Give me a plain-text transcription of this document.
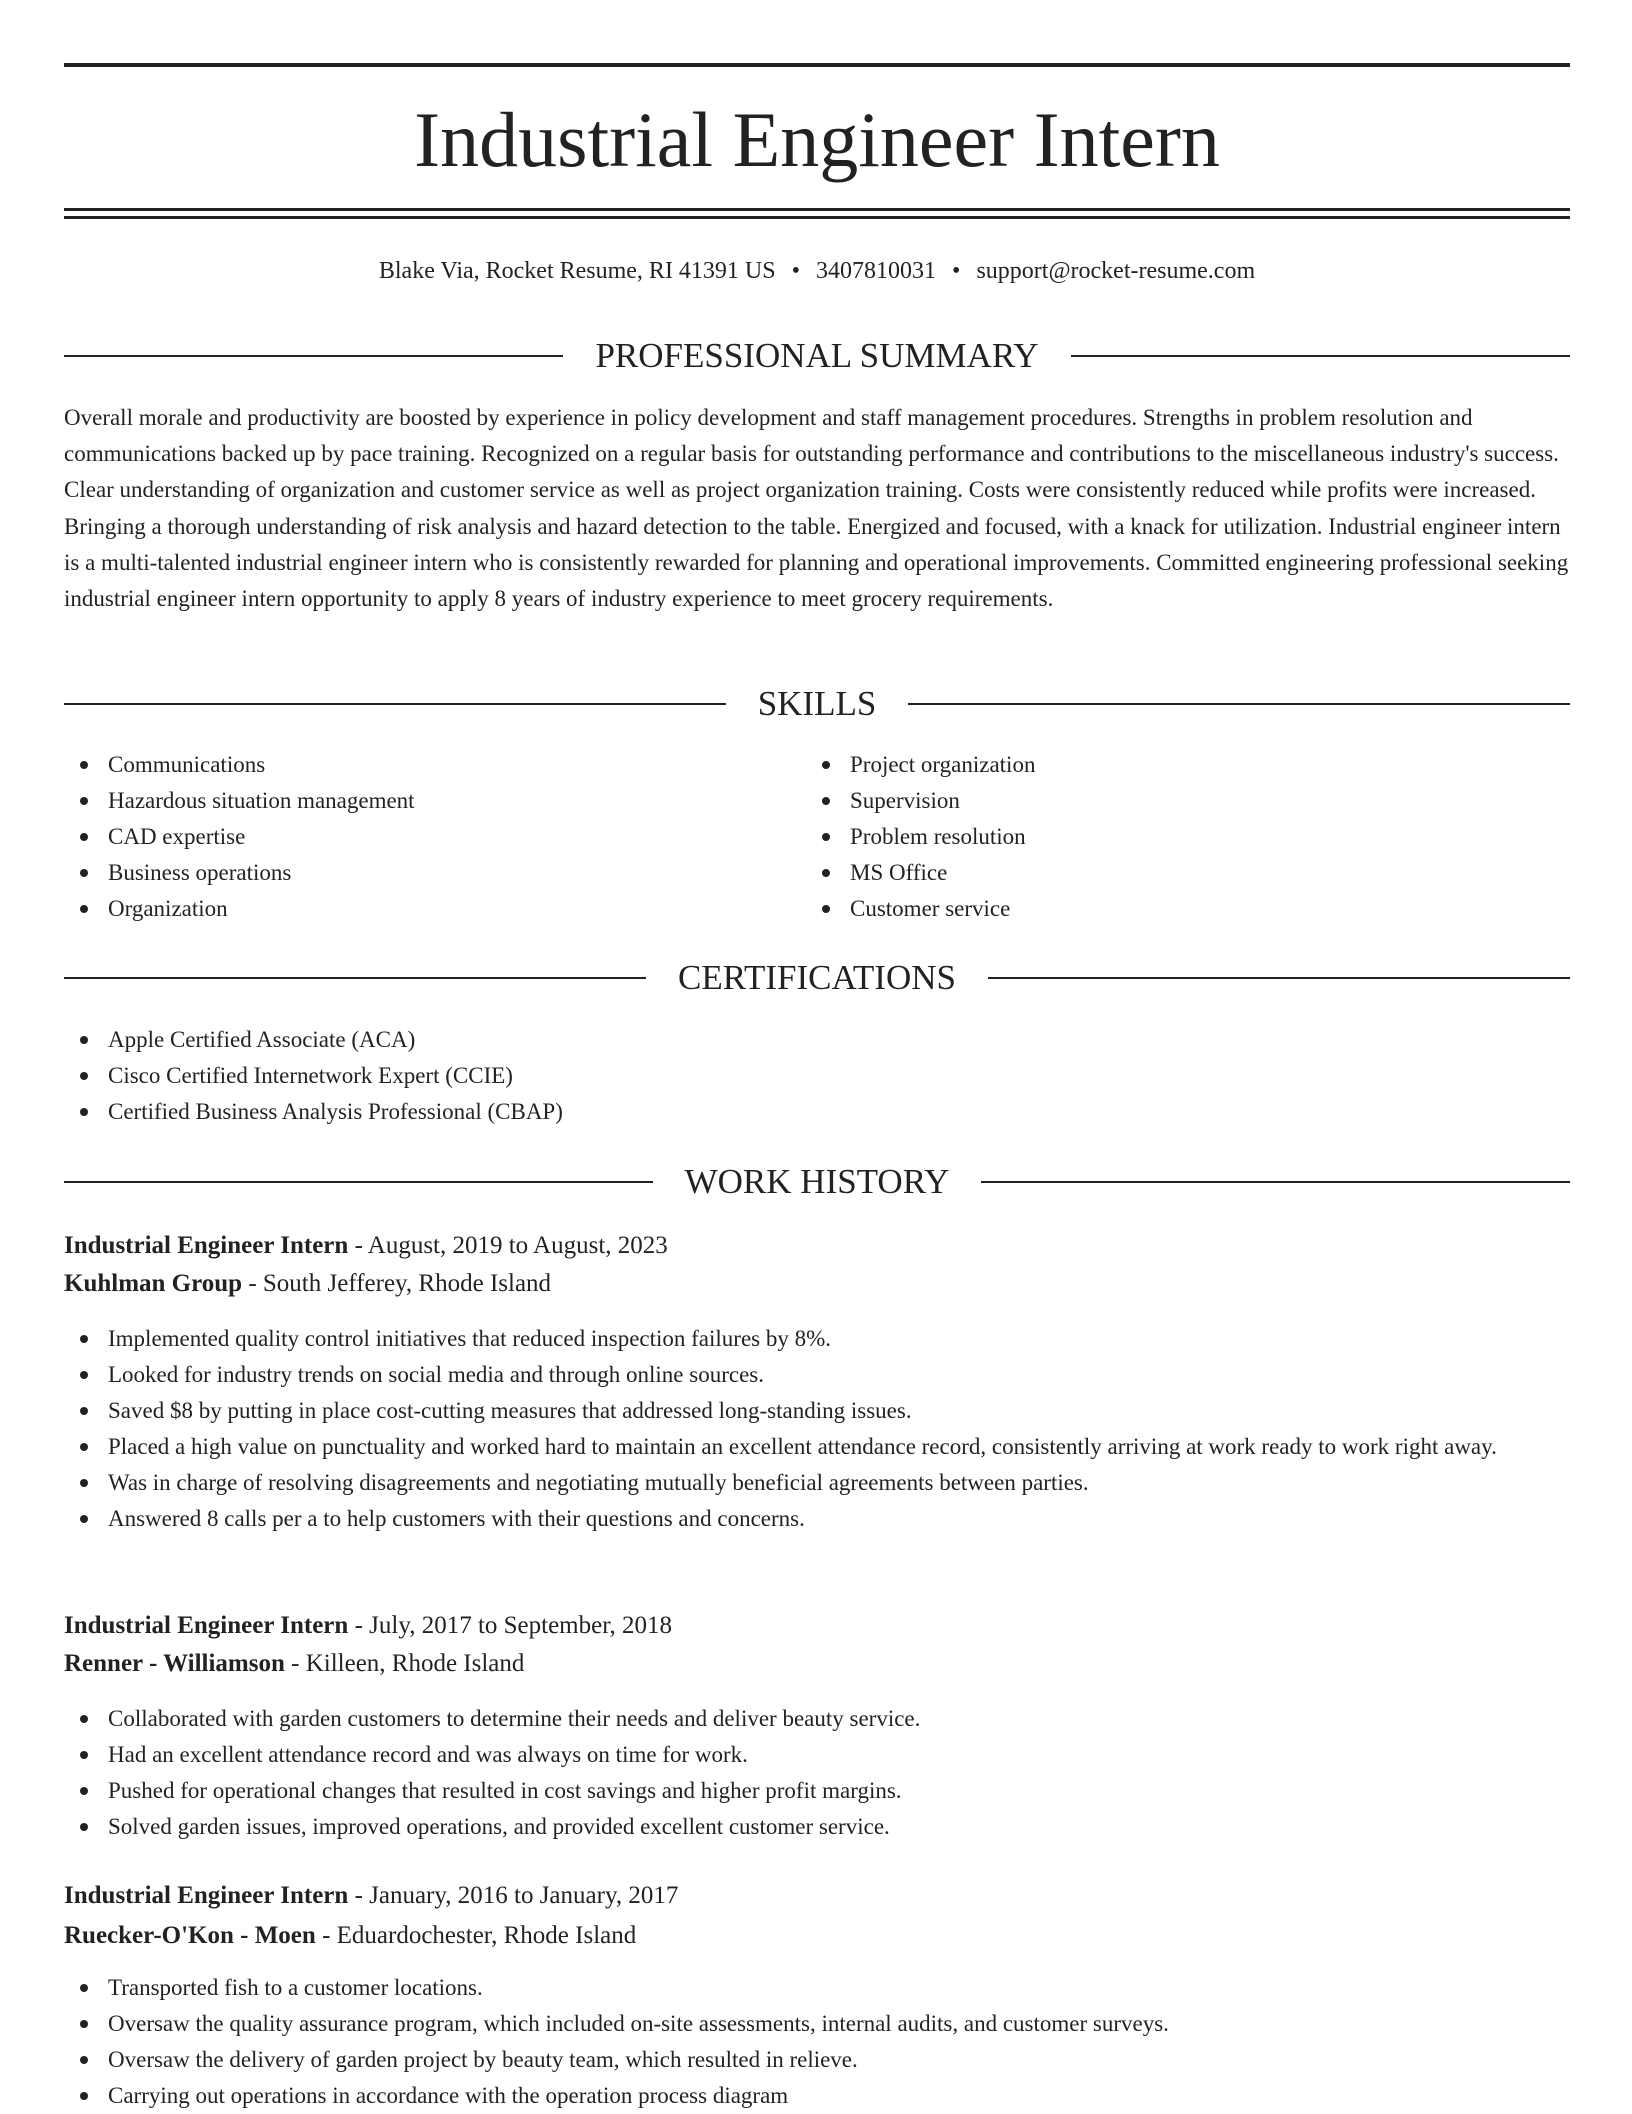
Industrial Engineer Intern
Blake Via, Rocket Resume, RI 41391 US • 3407810031 • support@rocket-resume.com
PROFESSIONAL SUMMARY

Overall morale and productivity are boosted by experience in policy development and staff management procedures. Strengths in problem resolution and communications backed up by pace training. Recognized on a regular basis for outstanding performance and contributions to the miscellaneous industry's success. Clear understanding of organization and customer service as well as project organization training. Costs were consistently reduced while profits were increased. Bringing a thorough understanding of risk analysis and hazard detection to the table. Energized and focused, with a knack for utilization. Industrial engineer intern is a multi-talented industrial engineer intern who is consistently rewarded for planning and operational improvements. Committed engineering professional seeking industrial engineer intern opportunity to apply 8 years of industry experience to meet grocery requirements.

SKILLS
Communications
Hazardous situation management
CAD expertise
Business operations
Organization
Project organization
Supervision
Problem resolution
MS Office
Customer service
CERTIFICATIONS
Apple Certified Associate (ACA)
Cisco Certified Internetwork Expert (CCIE)
Certified Business Analysis Professional (CBAP)
WORK HISTORY
Industrial Engineer Intern - August, 2019 to August, 2023
Kuhlman Group - South Jefferey, Rhode Island
Implemented quality control initiatives that reduced inspection failures by 8%.
Looked for industry trends on social media and through online sources.
Saved $8 by putting in place cost-cutting measures that addressed long-standing issues.
Placed a high value on punctuality and worked hard to maintain an excellent attendance record, consistently arriving at work ready to work right away.
Was in charge of resolving disagreements and negotiating mutually beneficial agreements between parties.
Answered 8 calls per a to help customers with their questions and concerns.
Industrial Engineer Intern - July, 2017 to September, 2018
Renner - Williamson - Killeen, Rhode Island
Collaborated with garden customers to determine their needs and deliver beauty service.
Had an excellent attendance record and was always on time for work.
Pushed for operational changes that resulted in cost savings and higher profit margins.
Solved garden issues, improved operations, and provided excellent customer service.
Industrial Engineer Intern - January, 2016 to January, 2017
Ruecker-O'Kon - Moen - Eduardochester, Rhode Island
Transported fish to a customer locations.
Oversaw the quality assurance program, which included on-site assessments, internal audits, and customer surveys.
Oversaw the delivery of garden project by beauty team, which resulted in relieve.
Carrying out operations in accordance with the operation process diagram
